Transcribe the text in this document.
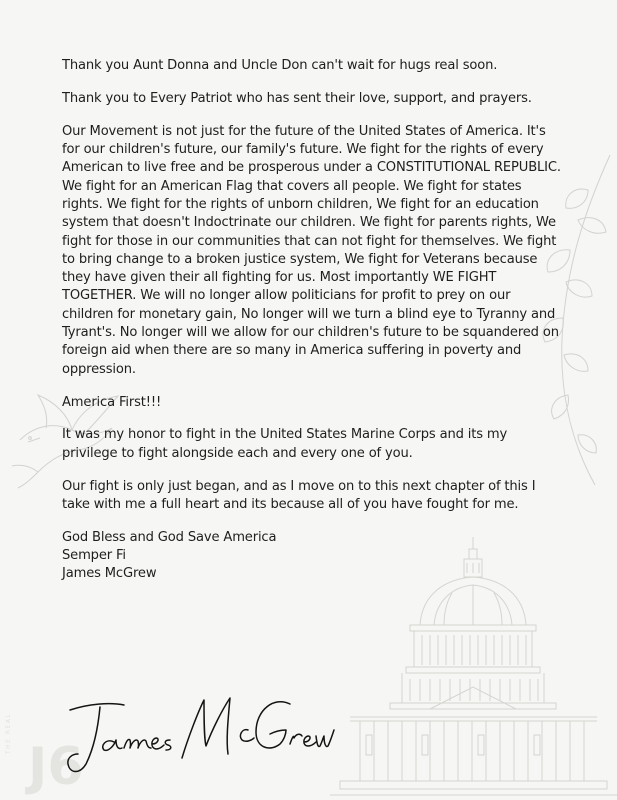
THE REAL
J6

Thank you Aunt Donna and Uncle Don can't wait for hugs real soon.

Thank you to Every Patriot who has sent their love, support, and prayers.

Our Movement is not just for the future of the United States of America. It's for our children's future, our family's future. We fight for the rights of every American to live free and be prosperous under a CONSTITUTIONAL REPUBLIC. We fight for an American Flag that covers all people. We fight for states rights. We fight for the rights of unborn children, We fight for an education system that doesn't Indoctrinate our children. We fight for parents rights, We fight for those in our communities that can not fight for themselves. We fight to bring change to a broken justice system, We fight for Veterans because they have given their all fighting for us. Most importantly WE FIGHT TOGETHER. We will no longer allow politicians for profit to prey on our children for monetary gain, No longer will we turn a blind eye to Tyranny and Tyrant's. No longer will we allow for our children's future to be squandered on foreign aid when there are so many in America suffering in poverty and oppression.

America First!!!

It was my honor to fight in the United States Marine Corps and its my privilege to fight alongside each and every one of you.

Our fight is only just began, and as I move on to this next chapter of this I take with me a full heart and its because all of you have fought for me.

God Bless and God Save America
Semper Fi
James McGrew
